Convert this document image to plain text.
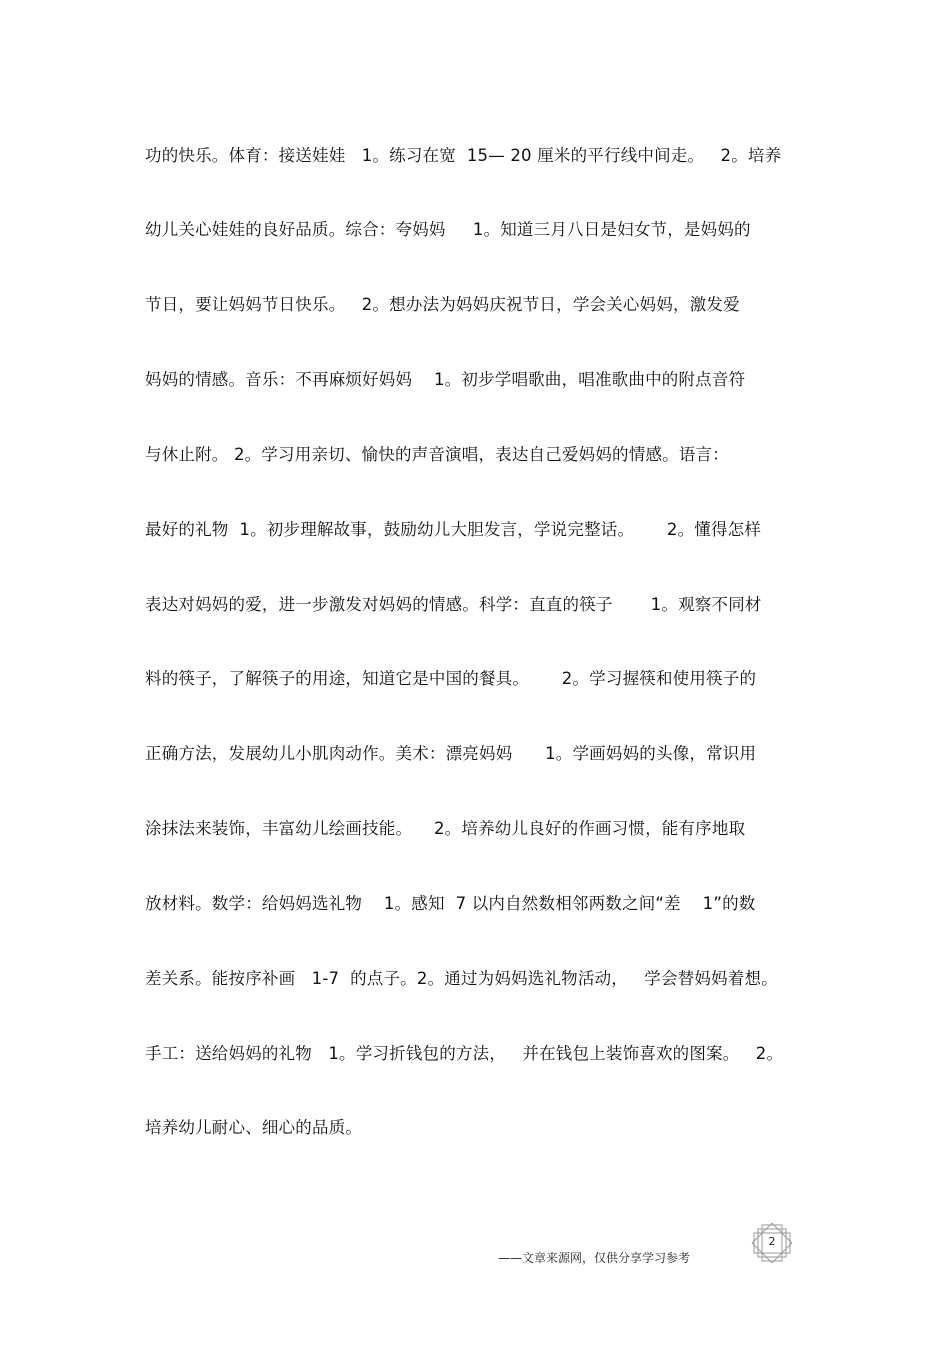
功的快乐。体育：接送娃娃   1。练习在宽  15— 20 厘米的平行线中间走。   2。培养
幼儿关心娃娃的良好品质。综合：夸妈妈     1。知道三月八日是妇女节，是妈妈的
节日，要让妈妈节日快乐。   2。想办法为妈妈庆祝节日，学会关心妈妈，激发爱
妈妈的情感。音乐：不再麻烦好妈妈    1。初步学唱歌曲，唱准歌曲中的附点音符
与休止附。 2。学习用亲切、愉快的声音演唱，表达自己爱妈妈的情感。语言：
最好的礼物  1。初步理解故事，鼓励幼儿大胆发言，学说完整话。      2。懂得怎样
表达对妈妈的爱，进一步激发对妈妈的情感。科学：直直的筷子       1。观察不同材
料的筷子，了解筷子的用途，知道它是中国的餐具。      2。学习握筷和使用筷子的
正确方法，发展幼儿小肌肉动作。美术：漂亮妈妈      1。学画妈妈的头像，常识用
涂抹法来装饰，丰富幼儿绘画技能。    2。培养幼儿良好的作画习惯，能有序地取
放材料。数学：给妈妈选礼物    1。感知  7 以内自然数相邻两数之间“差    1”的数
差关系。能按序补画   1-7  的点子。2。通过为妈妈选礼物活动，   学会替妈妈着想。
手工：送给妈妈的礼物   1。学习折钱包的方法，   并在钱包上装饰喜欢的图案。   2。
培养幼儿耐心、细心的品质。
——文章来源网，仅供分享学习参考
2
